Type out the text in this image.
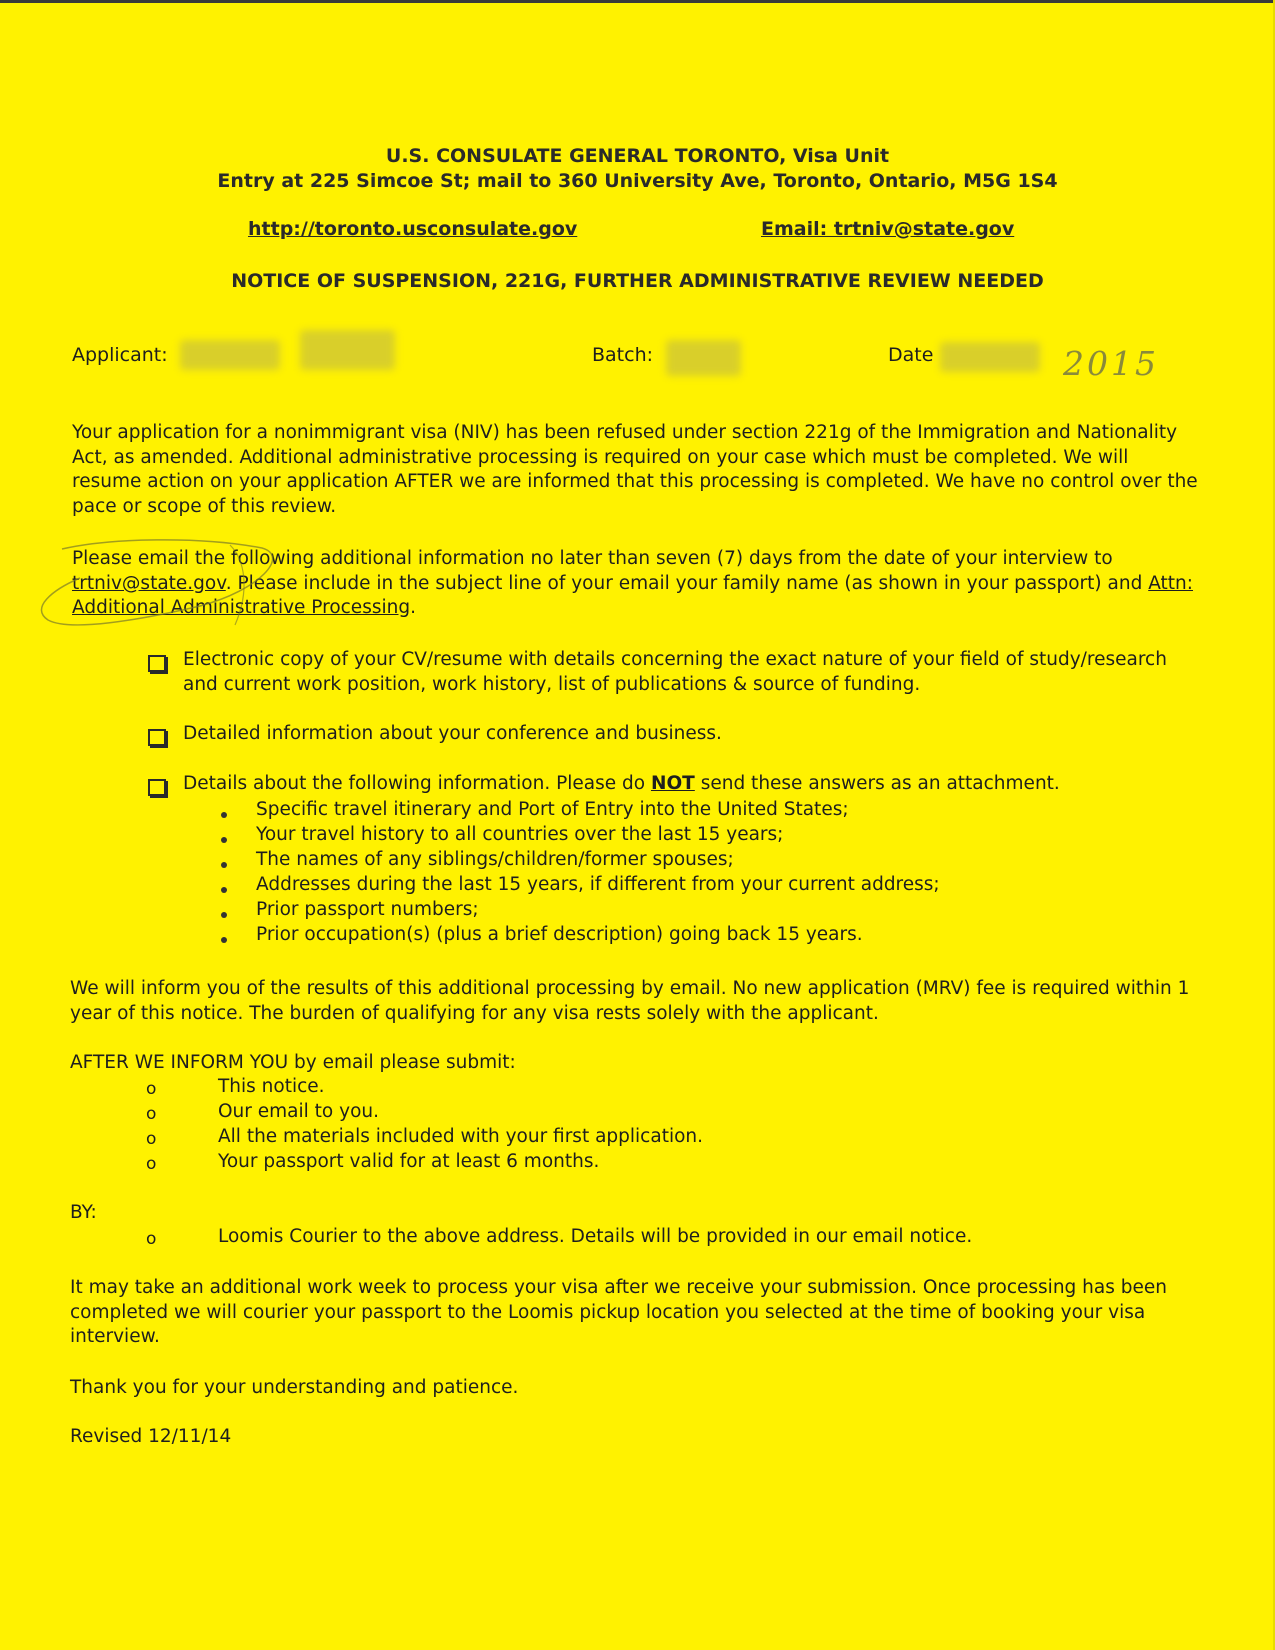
U.S. CONSULATE GENERAL TORONTO, Visa Unit
Entry at 225 Simcoe St; mail to 360 University Ave, Toronto, Ontario, M5G 1S4
http://toronto.usconsulate.gov	Email: trtniv@state.gov
NOTICE OF SUSPENSION, 221G, FURTHER ADMINISTRATIVE REVIEW NEEDED
Applicant:	Batch:	Date	2015

Your application for a nonimmigrant visa (NIV) has been refused under section 221g of the Immigration and Nationality

Act, as amended. Additional administrative processing is required on your case which must be completed. We will

resume action on your application AFTER we are informed that this processing is completed. We have no control over the

pace or scope of this review.

Please email the following additional information no later than seven (7) days from the date of your interview to

trtniv@state.gov. Please include in the subject line of your email your family name (as shown in your passport) and Attn:

Additional Administrative Processing.

Electronic copy of your CV/resume with details concerning the exact nature of your field of study/research
and current work position, work history, list of publications & source of funding.
Detailed information about your conference and business.
Details about the following information. Please do NOT send these answers as an attachment.
Specific travel itinerary and Port of Entry into the United States;
Your travel history to all countries over the last 15 years;
The names of any siblings/children/former spouses;
Addresses during the last 15 years, if different from your current address;
Prior passport numbers;
Prior occupation(s) (plus a brief description) going back 15 years.

We will inform you of the results of this additional processing by email. No new application (MRV) fee is required within 1

year of this notice. The burden of qualifying for any visa rests solely with the applicant.

AFTER WE INFORM YOU by email please submit:
o	This notice.
o	Our email to you.
o	All the materials included with your first application.
o	Your passport valid for at least 6 months.
BY:
o	Loomis Courier to the above address. Details will be provided in our email notice.

It may take an additional work week to process your visa after we receive your submission. Once processing has been

completed we will courier your passport to the Loomis pickup location you selected at the time of booking your visa

interview.

Thank you for your understanding and patience.
Revised 12/11/14
